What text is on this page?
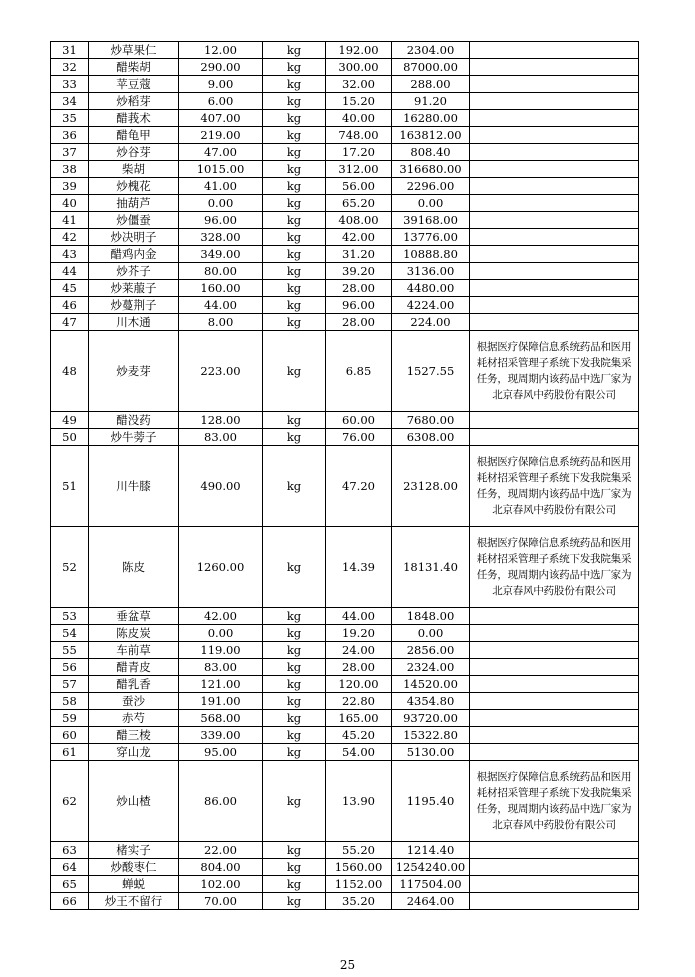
31	炒草果仁	12.00	kg	192.00	2304.00	
32	醋柴胡	290.00	kg	300.00	87000.00	
33	苹豆蔻	9.00	kg	32.00	288.00	
34	炒稻芽	6.00	kg	15.20	91.20	
35	醋莪术	407.00	kg	40.00	16280.00	
36	醋龟甲	219.00	kg	748.00	163812.00	
37	炒谷芽	47.00	kg	17.20	808.40	
38	柴胡	1015.00	kg	312.00	316680.00	
39	炒槐花	41.00	kg	56.00	2296.00	
40	抽葫芦	0.00	kg	65.20	0.00	
41	炒僵蚕	96.00	kg	408.00	39168.00	
42	炒决明子	328.00	kg	42.00	13776.00	
43	醋鸡内金	349.00	kg	31.20	10888.80	
44	炒芥子	80.00	kg	39.20	3136.00	
45	炒莱菔子	160.00	kg	28.00	4480.00	
46	炒蔓荆子	44.00	kg	96.00	4224.00	
47	川木通	8.00	kg	28.00	224.00	
48	炒麦芽	223.00	kg	6.85	1527.55	根据医疗保障信息系统药品和医用耗材招采管理子系统下发我院集采任务，现周期内该药品中选厂家为北京春风中药股份有限公司
49	醋没药	128.00	kg	60.00	7680.00	
50	炒牛蒡子	83.00	kg	76.00	6308.00	
51	川牛膝	490.00	kg	47.20	23128.00	根据医疗保障信息系统药品和医用耗材招采管理子系统下发我院集采任务，现周期内该药品中选厂家为北京春风中药股份有限公司
52	陈皮	1260.00	kg	14.39	18131.40	根据医疗保障信息系统药品和医用耗材招采管理子系统下发我院集采任务，现周期内该药品中选厂家为北京春风中药股份有限公司
53	垂盆草	42.00	kg	44.00	1848.00	
54	陈皮炭	0.00	kg	19.20	0.00	
55	车前草	119.00	kg	24.00	2856.00	
56	醋青皮	83.00	kg	28.00	2324.00	
57	醋乳香	121.00	kg	120.00	14520.00	
58	蚕沙	191.00	kg	22.80	4354.80	
59	赤芍	568.00	kg	165.00	93720.00	
60	醋三棱	339.00	kg	45.20	15322.80	
61	穿山龙	95.00	kg	54.00	5130.00	
62	炒山楂	86.00	kg	13.90	1195.40	根据医疗保障信息系统药品和医用耗材招采管理子系统下发我院集采任务，现周期内该药品中选厂家为北京春风中药股份有限公司
63	楮实子	22.00	kg	55.20	1214.40	
64	炒酸枣仁	804.00	kg	1560.00	1254240.00	
65	蝉蜕	102.00	kg	1152.00	117504.00	
66	炒王不留行	70.00	kg	35.20	2464.00	
25
